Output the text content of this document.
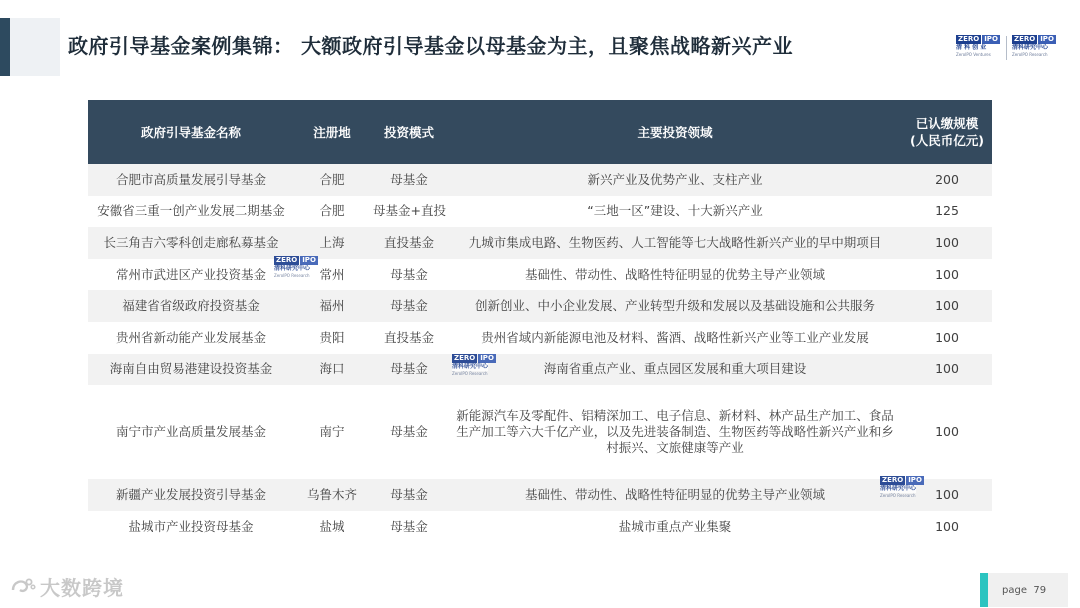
政府引导基金案例集锦： 大额政府引导基金以母基金为主，且聚焦战略新兴产业	ZERO IPO
清 科 创 业
ZeroIPO Ventures
ZERO IPO
清科研究中心
ZeroIPO Research
政府引导基金名称	注册地	投资模式	主要投资领域	已认缴规模
(人民币亿元)
合肥市高质量发展引导基金	合肥	母基金	新兴产业及优势产业、支柱产业	200
安徽省三重一创产业发展二期基金	合肥	母基金+直投	“三地一区”建设、十大新兴产业	125
长三角吉六零科创走廊私募基金	上海	直投基金	九城市集成电路、生物医药、人工智能等七大战略性新兴产业的早中期项目	100
常州市武进区产业投资基金	常州	母基金	基础性、带动性、战略性特征明显的优势主导产业领域	100
福建省省级政府投资基金	福州	母基金	创新创业、中小企业发展、产业转型升级和发展以及基础设施和公共服务	100
贵州省新动能产业发展基金	贵阳	直投基金	贵州省域内新能源电池及材料、酱酒、战略性新兴产业等工业产业发展	100
海南自由贸易港建设投资基金	海口	母基金	海南省重点产业、重点园区发展和重大项目建设	100
南宁市产业高质量发展基金	南宁	母基金	新能源汽车及零配件、铝精深加工、电子信息、新材料、林产品生产加工、食品生产加工等六大千亿产业，以及先进装备制造、生物医药等战略性新兴产业和乡村振兴、文旅健康等产业	100
新疆产业发展投资引导基金	乌鲁木齐	母基金	基础性、带动性、战略性特征明显的优势主导产业领域	100
盐城市产业投资母基金	盐城	母基金	盐城市重点产业集聚	100
ZERO IPO
清科研究中心
ZeroIPO Research
ZERO IPO
清科研究中心
ZeroIPO Research
ZERO IPO
清科研究中心
ZeroIPO Research
大数跨境	page 79
